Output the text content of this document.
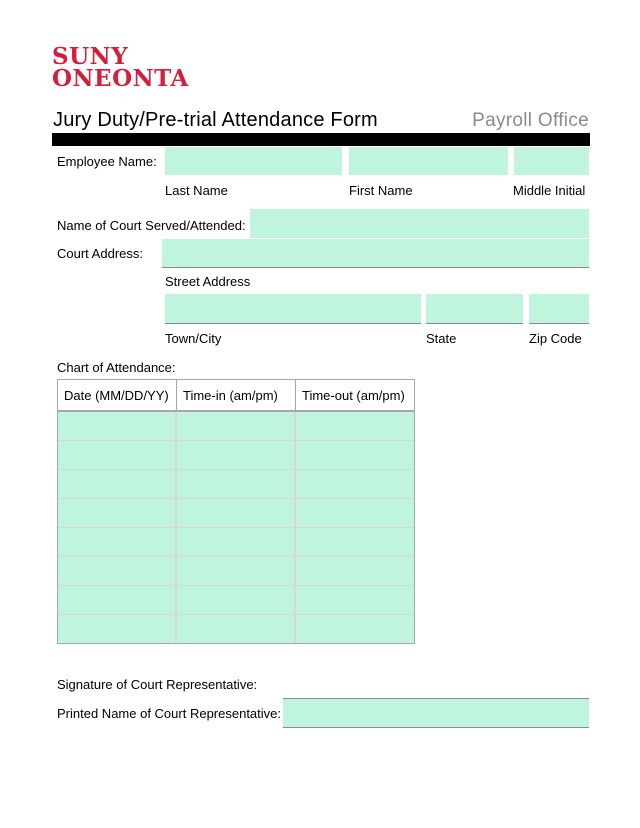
SUNY
ONEONTA
Jury Duty/Pre-trial Attendance Form	Payroll Office
Employee Name:
Last Name	First Name	Middle Initial
Name of Court Served/Attended:
Court Address:
Street Address
Town/City	State	Zip Code
Chart of Attendance:
Date (MM/DD/YY)	Time-in (am/pm)	Time-out (am/pm)

Signature of Court Representative:
Printed Name of Court Representative:
